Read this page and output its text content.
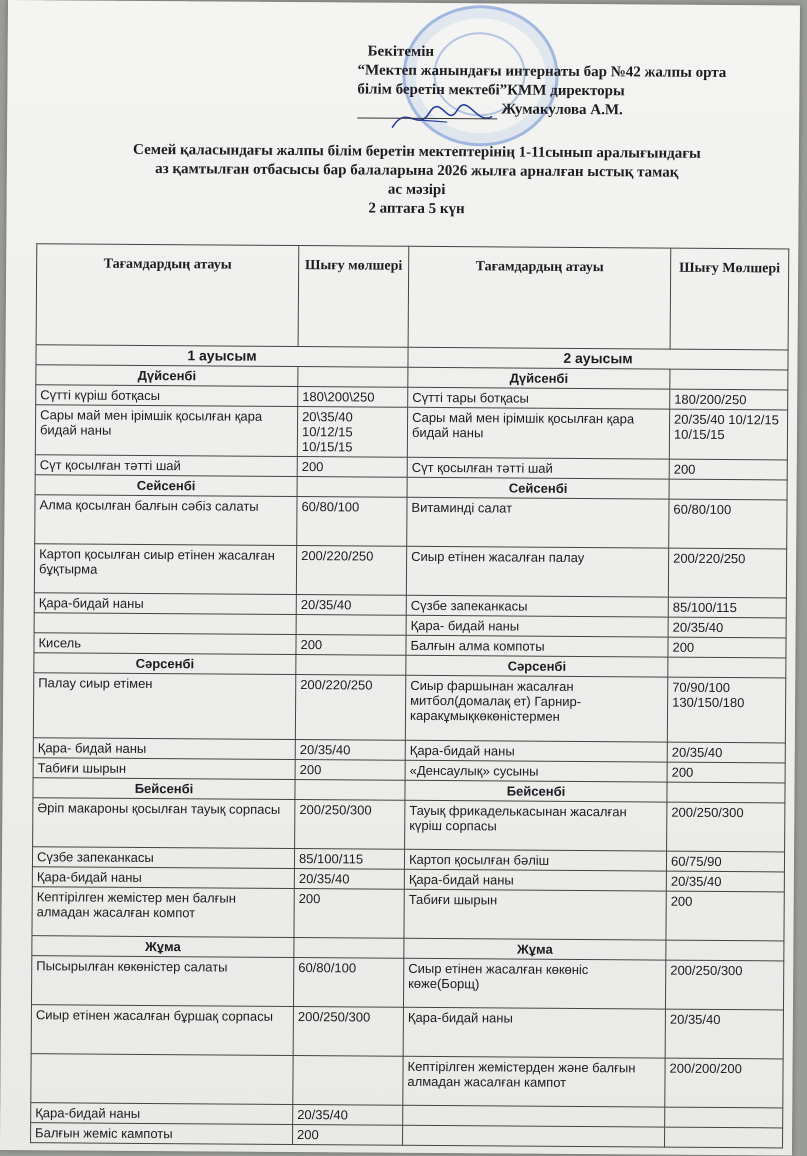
Бекітемін
“Мектеп жанындағы интернаты бар №42 жалпы орта
білім беретін мектебі”КММ директоры
Жумакулова А.М.
Семей қаласындағы жалпы білім беретін мектептерінің 1-11сынып аралығындағы
аз қамтылған отбасысы бар балаларына 2026 жылға арналған ыстық тамақ
ас мәзірі
2 аптаға 5 күн
Тағамдардың атауы	Шығу мөлшері	Тағамдардың атауы	Шығу Мөлшері
1 ауысым		2 ауысым	
Дүйсенбі		Дүйсенбі	
Сүтті күріш ботқасы	180\200\250	Сүтті тары ботқасы	180/200/250
Сары май мен ірімшік қосылған қара бидай наны	20\35/40 10/12/15 10/15/15	Сары май мен ірімшік қосылған қара бидай наны	20/35/40 10/12/15 10/15/15
Сүт қосылған тәтті шай	200	Сүт қосылған тәтті шай	200
Сейсенбі		Сейсенбі	
Алма қосылған балғын сәбіз салаты	60/80/100	Витаминді салат	60/80/100
Картоп қосылған сиыр етінен жасалған бұқтырма	200/220/250	Сиыр етінен жасалған палау	200/220/250
Қара-бидай наны	20/35/40	Сүзбе запеканкасы	85/100/115
		Қара- бидай наны	20/35/40
Кисель	200	Балғын алма компоты	200
Сәрсенбі		Сәрсенбі	
Палау сиыр етімен	200/220/250	Сиыр фаршынан жасалған митбол(домалақ ет) Гарнир-каракұмықкөкөністермен	70/90/100 130/150/180
Қара- бидай наны	20/35/40	Қара-бидай наны	20/35/40
Табиғи шырын	200	«Денсаулық» сусыны	200
Бейсенбі		Бейсенбі	
Әріп макароны қосылған тауық сорпасы	200/250/300	Тауық фрикаделькасынан жасалған күріш сорпасы	200/250/300
Сүзбе запеканкасы	85/100/115	Картоп қосылған бәліш	60/75/90
Қара-бидай наны	20/35/40	Қара-бидай наны	20/35/40
Кептірілген жемістер мен балғын алмадан жасалған компот	200	Табиғи шырын	200
Жұма		Жұма	
Пысырылған көкөністер салаты	60/80/100	Сиыр етінен жасалған көкөніс көже(Борщ)	200/250/300
Сиыр етінен жасалған бұршақ сорпасы	200/250/300	Қара-бидай наны	20/35/40
		Кептірілген жемістерден және балғын алмадан жасалған кампот	200/200/200
Қара-бидай наны	20/35/40		
Балғын жеміс кампоты	200		
